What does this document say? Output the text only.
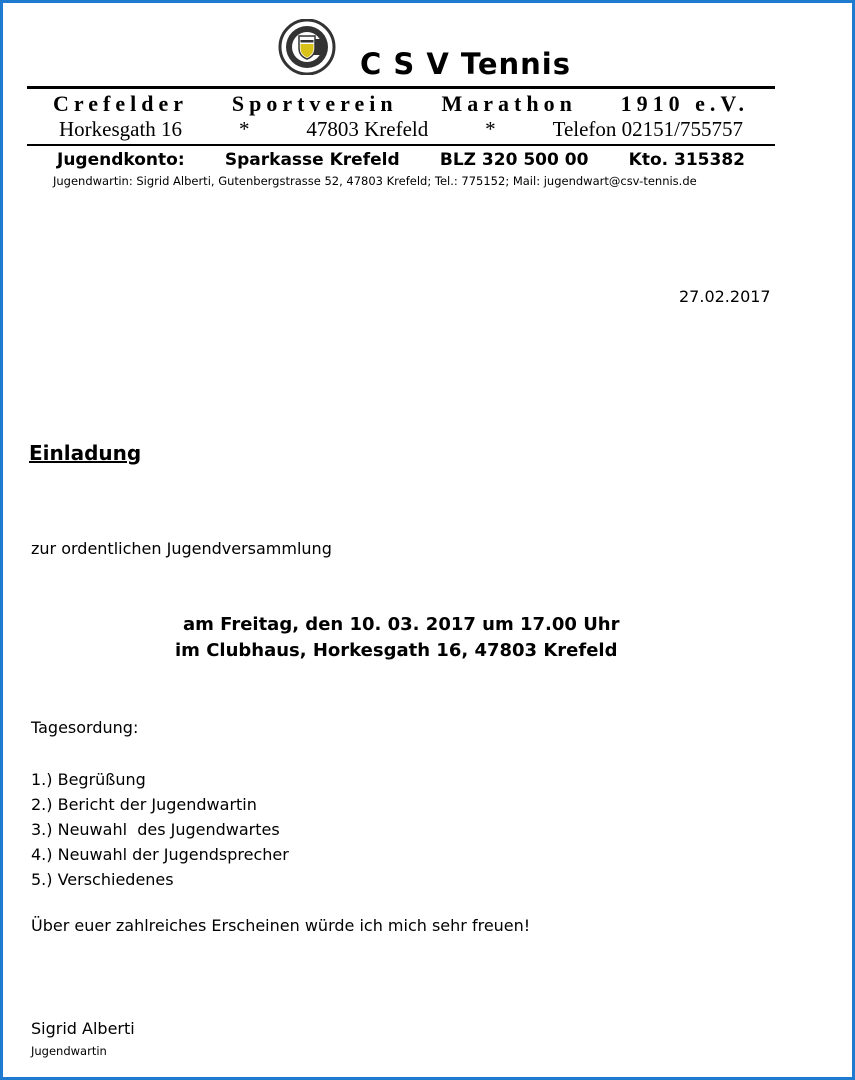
C S V Tennis
Crefelder Sportverein Marathon 1910 e.V.
Horkesgath 16	*	47803 Krefeld	*	Telefon 02151/755757
Jugendkonto: Sparkasse Krefeld BLZ 320 500 00 Kto. 315382
Jugendwartin: Sigrid Alberti, Gutenbergstrasse 52, 47803 Krefeld; Tel.: 775152; Mail: jugendwart@csv-tennis.de
27.02.2017
Einladung
zur ordentlichen Jugendversammlung
am Freitag, den 10. 03. 2017 um 17.00 Uhr
im Clubhaus, Horkesgath 16, 47803 Krefeld
Tagesordung:
1.) Begrüßung
2.) Bericht der Jugendwartin
3.) Neuwahl  des Jugendwartes
4.) Neuwahl der Jugendsprecher
5.) Verschiedenes
Über euer zahlreiches Erscheinen würde ich mich sehr freuen!
Sigrid Alberti
Jugendwartin
